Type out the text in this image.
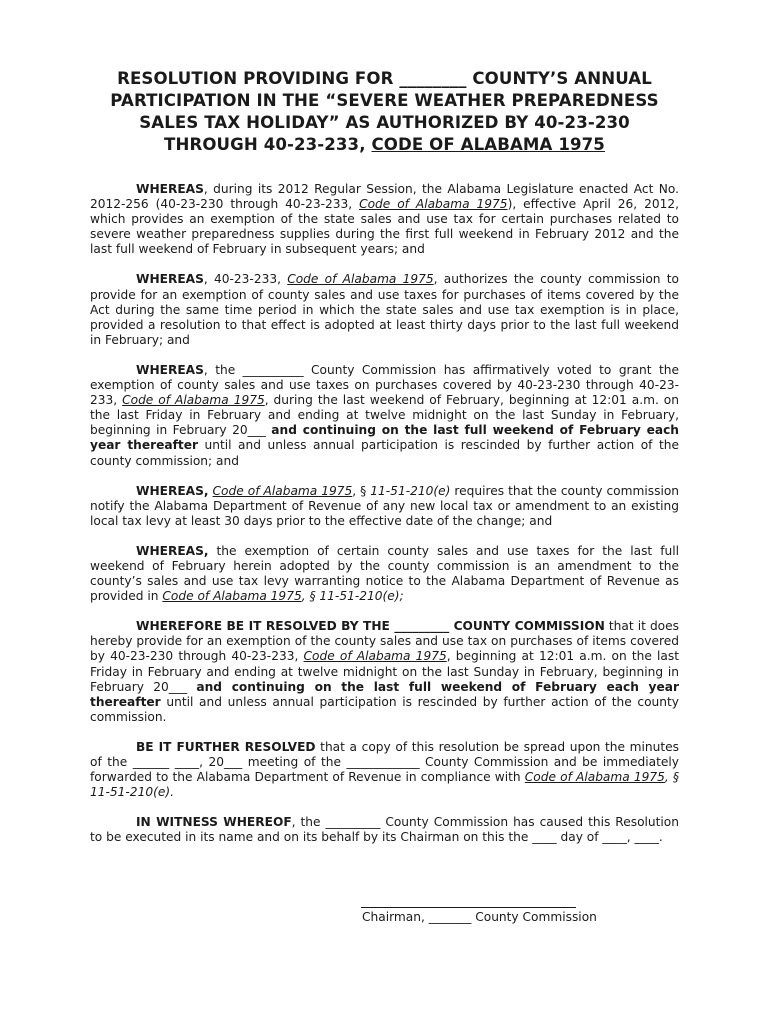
RESOLUTION PROVIDING FOR ________ COUNTY’S ANNUAL
PARTICIPATION IN THE “SEVERE WEATHER PREPAREDNESS
SALES TAX HOLIDAY” AS AUTHORIZED BY 40-23-230
THROUGH 40-23-233, CODE OF ALABAMA 1975

WHEREAS, during its 2012 Regular Session, the Alabama Legislature enacted Act No. 2012-256 (40-23-230 through 40-23-233, Code of Alabama 1975), effective April 26, 2012, which provides an exemption of the state sales and use tax for certain purchases related to severe weather preparedness supplies during the first full weekend in February 2012 and the last full weekend of February in subsequent years; and

WHEREAS, 40-23-233, Code of Alabama 1975, authorizes the county commission to provide for an exemption of county sales and use taxes for purchases of items covered by the Act during the same time period in which the state sales and use tax exemption is in place, provided a resolution to that effect is adopted at least thirty days prior to the last full weekend in February; and

WHEREAS, the __________ County Commission has affirmatively voted to grant the exemption of county sales and use taxes on purchases covered by 40-23-230 through 40-23-233, Code of Alabama 1975, during the last weekend of February, beginning at 12:01 a.m. on the last Friday in February and ending at twelve midnight on the last Sunday in February, beginning in February 20___ and continuing on the last full weekend of February each year thereafter until and unless annual participation is rescinded by further action of the county commission; and

WHEREAS, Code of Alabama 1975, § 11-51-210(e) requires that the county commission notify the Alabama Department of Revenue of any new local tax or amendment to an existing local tax levy at least 30 days prior to the effective date of the change; and

WHEREAS, the exemption of certain county sales and use taxes for the last full weekend of February herein adopted by the county commission is an amendment to the county’s sales and use tax levy warranting notice to the Alabama Department of Revenue as provided in Code of Alabama 1975, § 11-51-210(e);

WHEREFORE BE IT RESOLVED BY THE _________ COUNTY COMMISSION that it does hereby provide for an exemption of the county sales and use tax on purchases of items covered by 40-23-230 through 40-23-233, Code of Alabama 1975, beginning at 12:01 a.m. on the last Friday in February and ending at twelve midnight on the last Sunday in February, beginning in February 20___ and continuing on the last full weekend of February each year thereafter until and unless annual participation is rescinded by further action of the county commission.

BE IT FURTHER RESOLVED that a copy of this resolution be spread upon the minutes of the ______ ____, 20___ meeting of the ____________ County Commission and be immediately forwarded to the Alabama Department of Revenue in compliance with Code of Alabama 1975, § 11-51-210(e).

IN WITNESS WHEREOF, the _________ County Commission has caused this Resolution to be executed in its name and on its behalf by its Chairman on this the ____ day of ____, ____.

Chairman, _______ County Commission
